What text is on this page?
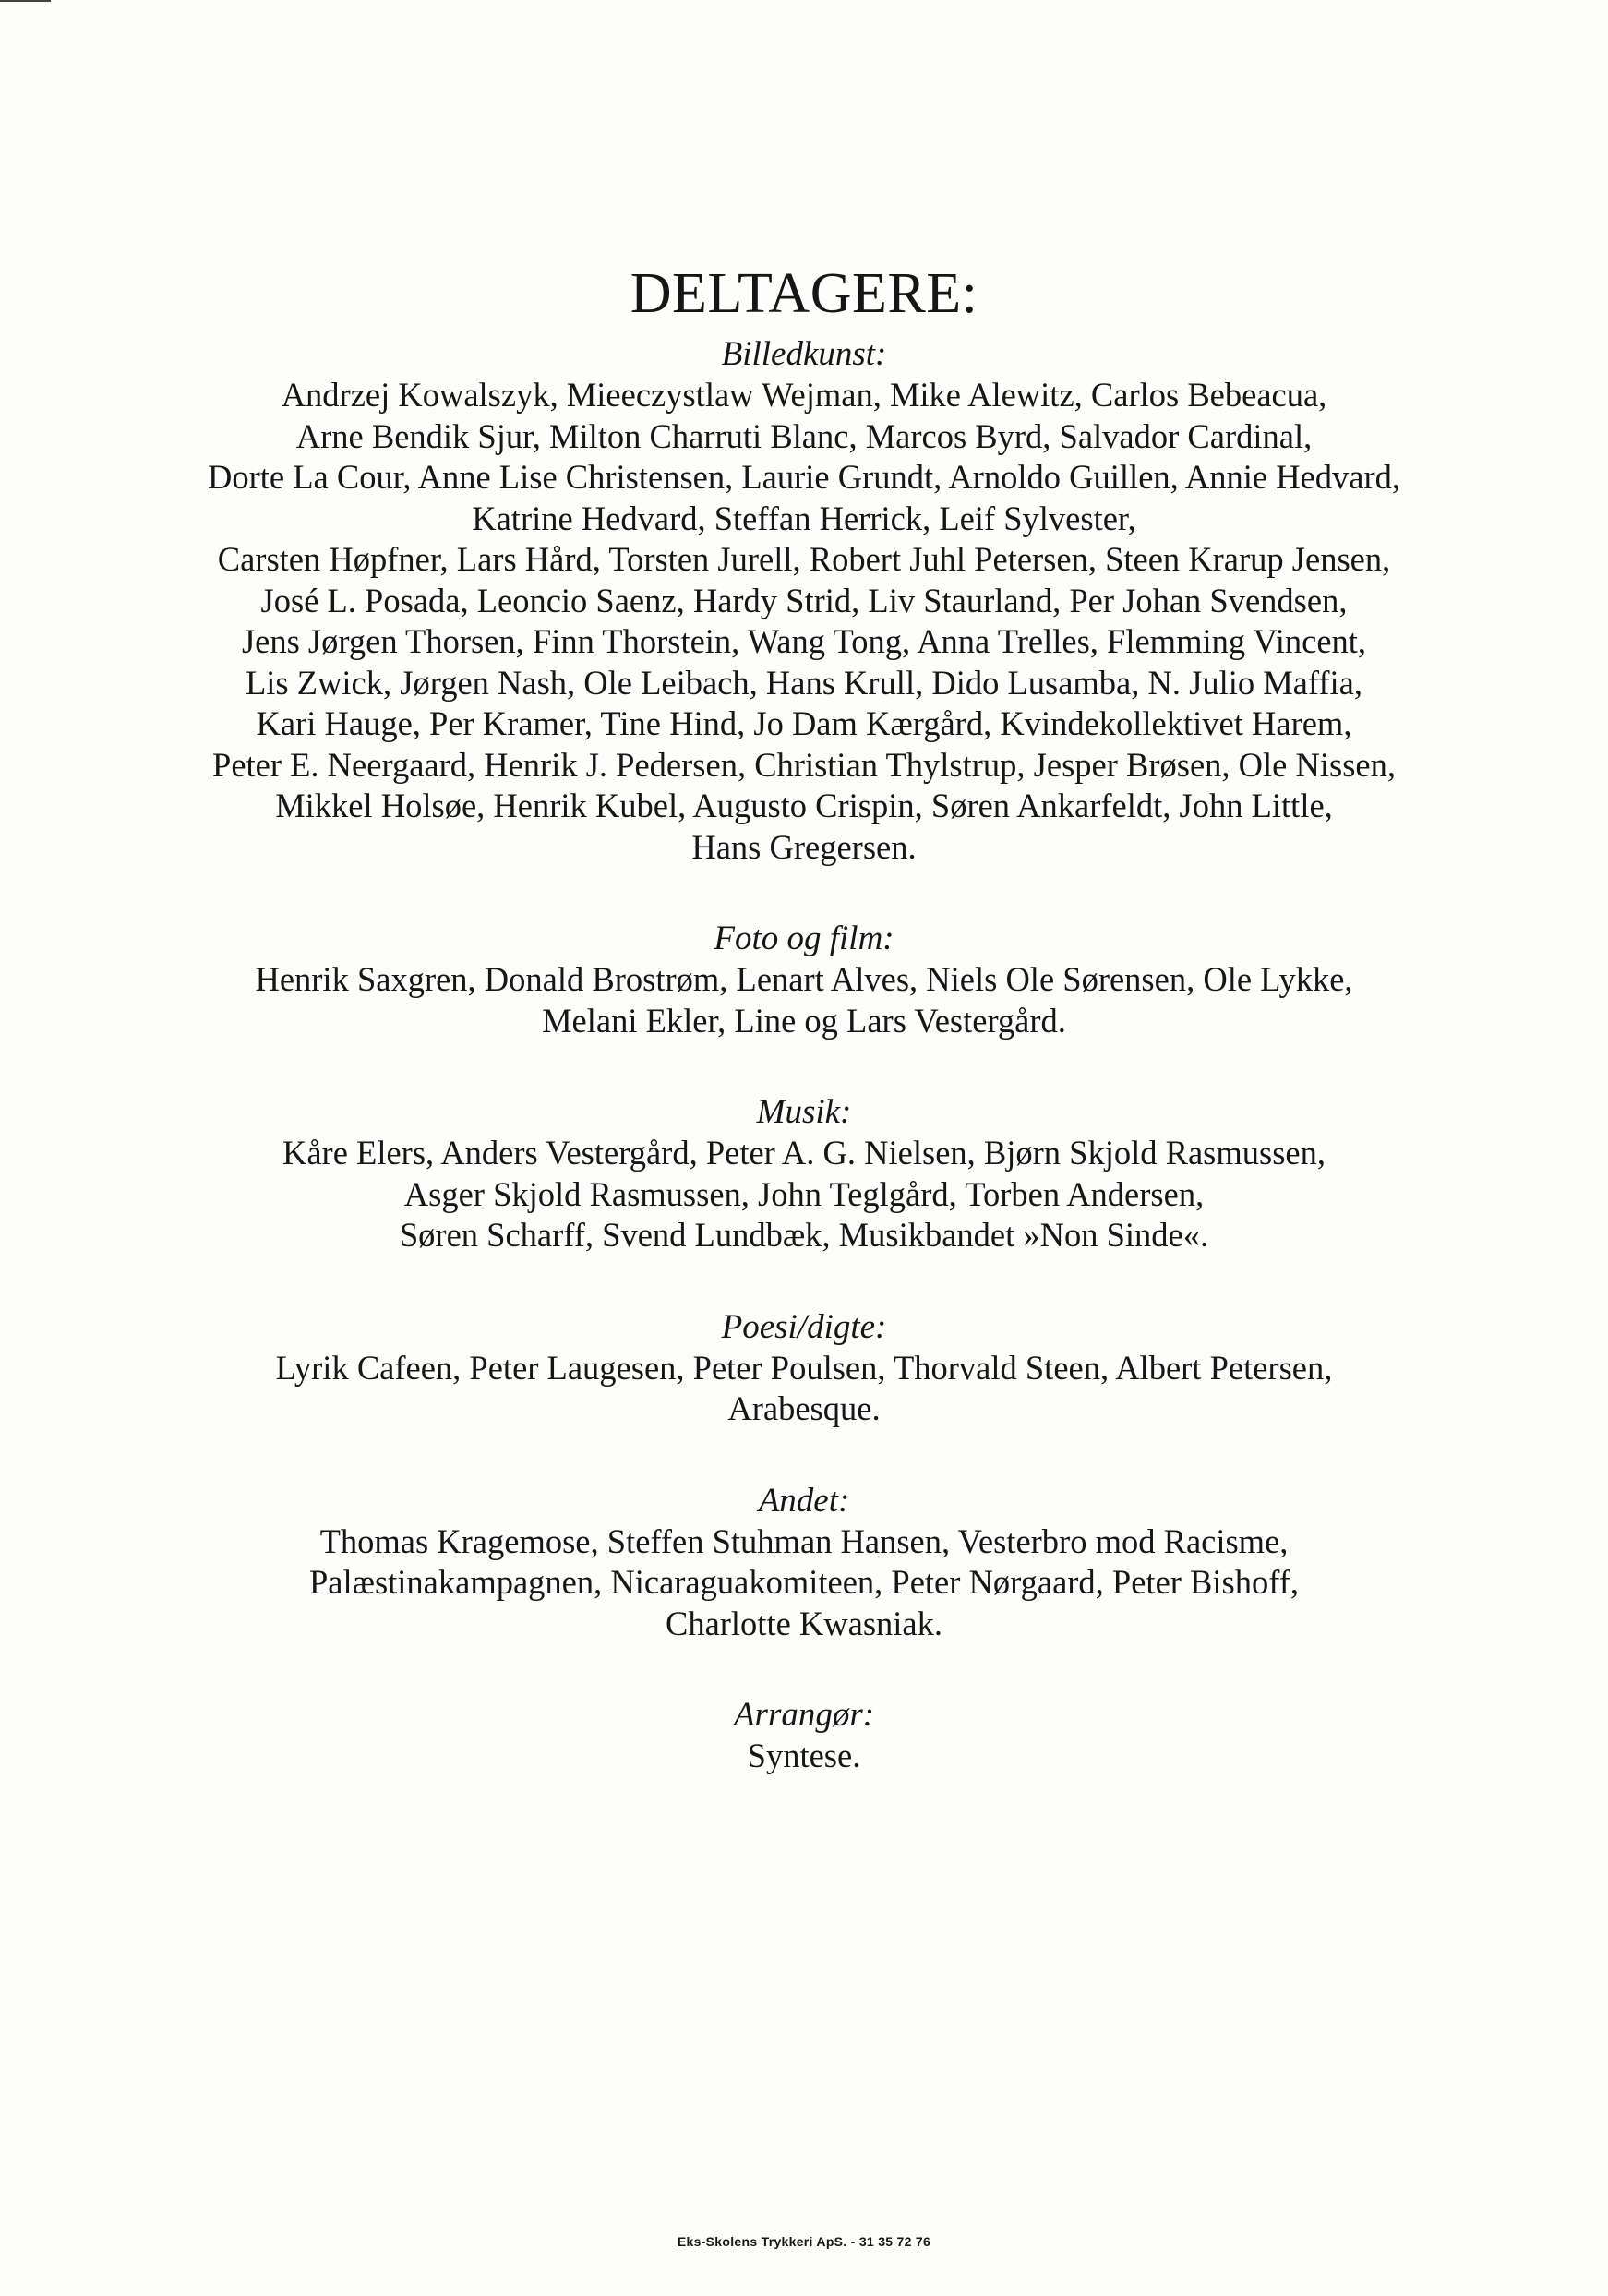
DELTAGERE:

Billedkunst:

Andrzej Kowalszyk, Mieeczystlaw Wejman, Mike Alewitz, Carlos Bebeacua,

Arne Bendik Sjur, Milton Charruti Blanc, Marcos Byrd, Salvador Cardinal,

Dorte La Cour, Anne Lise Christensen, Laurie Grundt, Arnoldo Guillen, Annie Hedvard,

Katrine Hedvard, Steffan Herrick, Leif Sylvester,

Carsten Høpfner, Lars Hård, Torsten Jurell, Robert Juhl Petersen, Steen Krarup Jensen,

José L. Posada, Leoncio Saenz, Hardy Strid, Liv Staurland, Per Johan Svendsen,

Jens Jørgen Thorsen, Finn Thorstein, Wang Tong, Anna Trelles, Flemming Vincent,

Lis Zwick, Jørgen Nash, Ole Leibach, Hans Krull, Dido Lusamba, N. Julio Maffia,

Kari Hauge, Per Kramer, Tine Hind, Jo Dam Kærgård, Kvindekollektivet Harem,

Peter E. Neergaard, Henrik J. Pedersen, Christian Thylstrup, Jesper Brøsen, Ole Nissen,

Mikkel Holsøe, Henrik Kubel, Augusto Crispin, Søren Ankarfeldt, John Little,

Hans Gregersen.

Foto og film:

Henrik Saxgren, Donald Brostrøm, Lenart Alves, Niels Ole Sørensen, Ole Lykke,

Melani Ekler, Line og Lars Vestergård.

Musik:

Kåre Elers, Anders Vestergård, Peter A. G. Nielsen, Bjørn Skjold Rasmussen,

Asger Skjold Rasmussen, John Teglgård, Torben Andersen,

Søren Scharff, Svend Lundbæk, Musikbandet »Non Sinde«.

Poesi/digte:

Lyrik Cafeen, Peter Laugesen, Peter Poulsen, Thorvald Steen, Albert Petersen,

Arabesque.

Andet:

Thomas Kragemose, Steffen Stuhman Hansen, Vesterbro mod Racisme,

Palæstinakampagnen, Nicaraguakomiteen, Peter Nørgaard, Peter Bishoff,

Charlotte Kwasniak.

Arrangør:

Syntese.

Eks-Skolens Trykkeri ApS. - 31 35 72 76
